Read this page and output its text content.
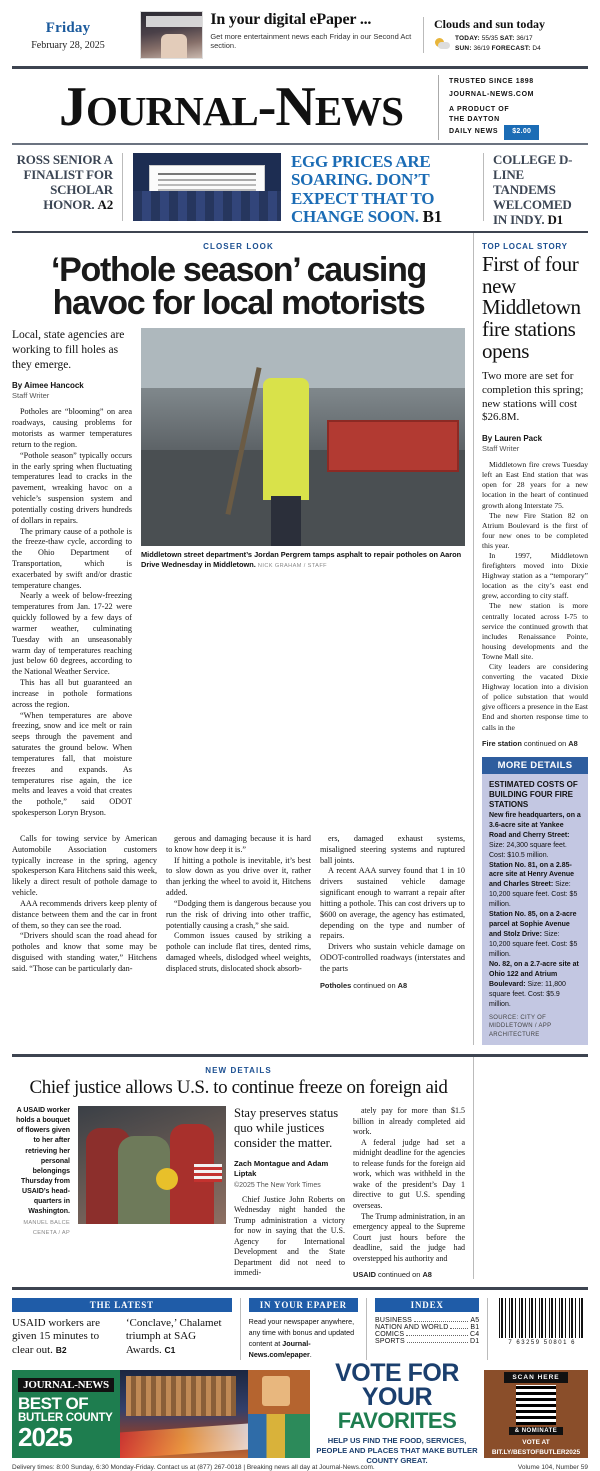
Friday
February 28, 2025
In your digital ePaper ...
Get more entertainment news each Friday in our Second Act section.
Clouds and sun today
TODAY: 55/35 SAT: 36/17
SUN: 36/19 FORECAST: D4
JOURNAL-NEWS
TRUSTED SINCE 1898
JOURNAL-NEWS.COM
A PRODUCT OF
THE DAYTON
DAILY NEWS $2.00
ROSS SENIOR A FINALIST FOR SCHOLAR HONOR. A2
EGG PRICES ARE SOARING. DON’T EXPECT THAT TO CHANGE SOON. B1
COLLEGE D-LINE TANDEMS WELCOMED IN INDY. D1
CLOSER LOOK
‘Pothole season’ causing
havoc for local motorists
Local, state agencies are working to fill holes as they emerge.
By Aimee Hancock
Staff Writer

Potholes are “blooming” on area roadways, causing problems for motorists as warmer temperatures return to the region.

“Pothole season” typically occurs in the early spring when fluctuating temperatures lead to cracks in the pavement, wreaking havoc on a vehicle’s suspension system and potentially costing drivers hundreds of dollars in repairs.

The primary cause of a pothole is the freeze-thaw cycle, according to the Ohio Department of Transportation, which is exacerbated by swift and/or drastic temperature changes.

Nearly a week of below-freezing temperatures from Jan. 17-22 were quickly followed by a few days of warmer weather, culminating Tuesday with an unseasonably warm day of temperatures reaching just below 60 degrees, according to the National Weather Service.

This has all but guaranteed an increase in pothole formations across the region.

“When temperatures are above freezing, snow and ice melt or rain seeps through the pavement and saturates the ground below. When temperatures fall, that moisture freezes and expands. As temperatures rise again, the ice melts and leaves a void that creates the pothole,” said ODOT spokesperson Loryn Bryson.

Middletown street department’s Jordan Pergrem tamps asphalt to repair potholes on Aaron Drive Wednesday in Middletown. NICK GRAHAM / STAFF

Calls for towing service by American Automobile Association customers typically increase in the spring, agency spokesperson Kara Hitchens said this week, likely a direct result of pothole damage to vehicle.

AAA recommends drivers keep plenty of distance between them and the car in front of them, so they can see the road.

“Drivers should scan the road ahead for potholes and know that some may be disguised with standing water,” Hitchens said. “Those can be particularly dan-

gerous and damaging because it is hard to know how deep it is.”

If hitting a pothole is inevitable, it’s best to slow down as you drive over it, rather than jerking the wheel to avoid it, Hitchens added.

“Dodging them is dangerous because you run the risk of driving into other traffic, potentially causing a crash,” she said.

Common issues caused by striking a pothole can include flat tires, dented rims, damaged wheels, dislodged wheel weights, displaced struts, dislocated shock absorb-

ers, damaged exhaust systems, misaligned steering systems and ruptured ball joints.

A recent AAA survey found that 1 in 10 drivers sustained vehicle damage significant enough to warrant a repair after hitting a pothole. This can cost drivers up to $600 on average, the agency has estimated, depending on the type and number of repairs.

Drivers who sustain vehicle damage on ODOT-controlled roadways (interstates and the parts

Potholes continued on A8
TOP LOCAL STORY
First of four new Middletown fire stations opens
Two more are set for completion this spring; new stations will cost $26.8M.
By Lauren Pack
Staff Writer

Middletown fire crews Tuesday left an East End station that was open for 28 years for a new location in the heart of continued growth along Interstate 75.

The new Fire Station 82 on Atrium Boulevard is the first of four new ones to be completed this year.

In 1997, Middletown firefighters moved into Dixie Highway station as a “temporary” location as the city’s east end grew, according to city staff.

The new station is more centrally located across I-75 to service the continued growth that includes Renaissance Pointe, housing developments and the Towne Mall site.

City leaders are considering converting the vacated Dixie Highway location into a division of police substation that would give officers a presence in the East End and shorten response time to calls in the

Fire station continued on A8
MORE DETAILS
ESTIMATED COSTS OF BUILDING FOUR FIRE STATIONS
New fire headquarters, on a 3.6-acre site at Yankee Road and Cherry Street: Size: 24,300 square feet. Cost: $10.5 million.
Station No. 81, on a 2.85-acre site at Henry Avenue and Charles Street: Size: 10,200 square feet. Cost: $5 million.
Station No. 85, on a 2-acre parcel at Sophie Avenue and Stolz Drive: Size: 10,200 square feet. Cost: $5 million.
No. 82, on a 2.7-acre site at Ohio 122 and Atrium Boulevard: Size: 11,800 square feet. Cost: $5.9 million.
SOURCE: CITY OF MIDDLETOWN / APP ARCHITECTURE
NEW DETAILS
Chief justice allows U.S. to continue freeze on foreign aid
A USAID worker holds a bouquet of flowers given to her after retrieving her personal belongings Thursday from USAID’s head-quarters in Washington.
MANUEL BALCE CENETA / AP
Stay preserves status quo while justices consider the matter.
Zach Montague and Adam Liptak
©2025 The New York Times

Chief Justice John Roberts on Wednesday night handed the Trump administration a victory for now in saying that the U.S. Agency for International Development and the State Department did not need to immedi-

ately pay for more than $1.5 billion in already completed aid work.

A federal judge had set a midnight deadline for the agencies to release funds for the foreign aid work, which was withheld in the wake of the president’s Day 1 directive to gut U.S. spending overseas.

The Trump administration, in an emergency appeal to the Supreme Court just hours before the deadline, said the judge had overstepped his authority and

USAID continued on A8
THE LATEST
USAID workers are given 15 minutes to clear out. B2
‘Conclave,’ Chalamet triumph at SAG Awards. C1
IN YOUR EPAPER
Read your newspaper anywhere, any time with bonus and updated content at Journal-News.com/epaper.
INDEX
BUSINESS	A5
NATION AND WORLD	B1
COMICS	C4
SPORTS	D1	7 63259 50801 6
JOURNAL-NEWS
BEST OF
BUTLER COUNTY
2025
VOTE FOR
YOUR
FAVORITES
HELP US FIND THE FOOD, SERVICES, PEOPLE AND PLACES THAT MAKE BUTLER COUNTY GREAT.
SCAN HERE
& NOMINATE
VOTE AT
BIT.LY/BESTOFBUTLER2025
Delivery times: 8:00 Sunday, 6:30 Monday-Friday. Contact us at (877) 267-0018 | Breaking news all day at Journal-News.com.	Volume 104, Number 59
